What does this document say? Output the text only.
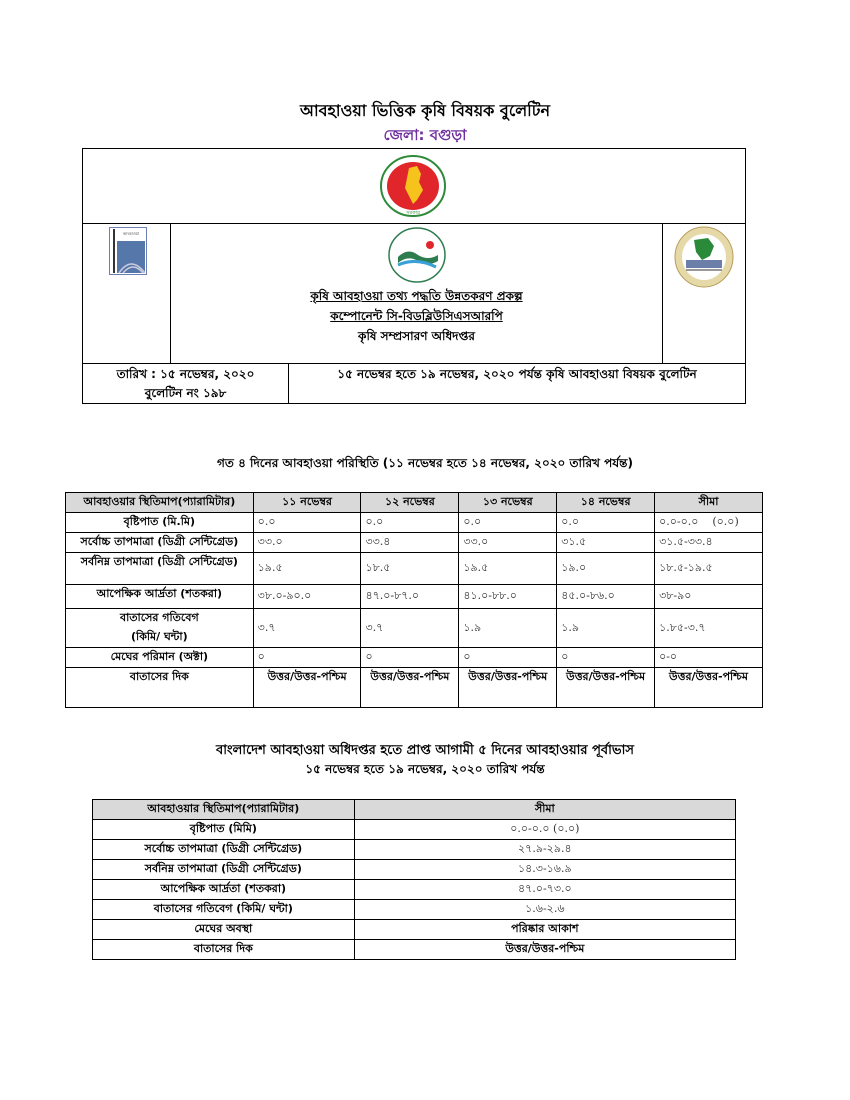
আবহাওয়া ভিত্তিক কৃষি বিষয়ক বুলেটিন
জেলা: বগুড়া
সরকার
আবহাওয়া
কৃষি আবহাওয়া তথ্য পদ্ধতি উন্নতকরণ প্রকল্প
কম্পোনেন্ট সি-বিডব্লিউসিএসআরপি
কৃষি সম্প্রসারণ অধিদপ্তর
তারিখ : ১৫ নভেম্বর, ২০২০
বুলেটিন নং ১৯৮
১৫ নভেম্বর হতে ১৯ নভেম্বর, ২০২০ পর্যন্ত কৃষি আবহাওয়া বিষয়ক বুলেটিন
গত ৪ দিনের আবহাওয়া পরিস্থিতি (১১ নভেম্বর হতে ১৪ নভেম্বর, ২০২০ তারিখ পর্যন্ত)
আবহাওয়ার স্থিতিমাপ(প্যারামিটার)	১১ নভেম্বর	১২ নভেম্বর	১৩ নভেম্বর	১৪ নভেম্বর	সীমা
বৃষ্টিপাত (মি.মি)	০.০	০.০	০.০	০.০	০.০-০.০    (০.০)
সর্বোচ্চ তাপমাত্রা (ডিগ্রী সেন্টিগ্রেড)	৩৩.০	৩৩.৪	৩৩.০	৩১.৫	৩১.৫-৩৩.৪
সর্বনিম্ন তাপমাত্রা (ডিগ্রী সেন্টিগ্রেড)	১৯.৫	১৮.৫	১৯.৫	১৯.০	১৮.৫-১৯.৫
আপেক্ষিক আর্দ্রতা (শতকরা)	৩৮.০-৯০.০	৪৭.০-৮৭.০	৪১.০-৮৮.০	৪৫.০-৮৬.০	৩৮-৯০

বাতাসের গতিবেগ
(কিমি/ ঘন্টা)	৩.৭	৩.৭	১.৯	১.৯	১.৮৫-৩.৭
মেঘের পরিমান (অক্টা)	০	০	০	০	০-০
বাতাসের দিক	উত্তর/উত্তর-পশ্চিম	উত্তর/উত্তর-পশ্চিম	উত্তর/উত্তর-পশ্চিম	উত্তর/উত্তর-পশ্চিম	উত্তর/উত্তর-পশ্চিম
বাংলাদেশ আবহাওয়া অধিদপ্তর হতে প্রাপ্ত আগামী ৫ দিনের আবহাওয়ার পূর্বাভাস
১৫ নভেম্বর হতে ১৯ নভেম্বর, ২০২০ তারিখ পর্যন্ত
আবহাওয়ার স্থিতিমাপ(প্যারামিটার)	সীমা
বৃষ্টিপাত (মিমি)	০.০-০.০ (০.০)
সর্বোচ্চ তাপমাত্রা (ডিগ্রী সেন্টিগ্রেড)	২৭.৯-২৯.৪
সর্বনিম্ন তাপমাত্রা (ডিগ্রী সেন্টিগ্রেড)	১৪.৩-১৬.৯
আপেক্ষিক আর্দ্রতা (শতকরা)	৪৭.০-৭৩.০
বাতাসের গতিবেগ (কিমি/ ঘন্টা)	১.৬-২.৬
মেঘের অবস্থা	পরিষ্কার আকাশ
বাতাসের দিক	উত্তর/উত্তর-পশ্চিম
